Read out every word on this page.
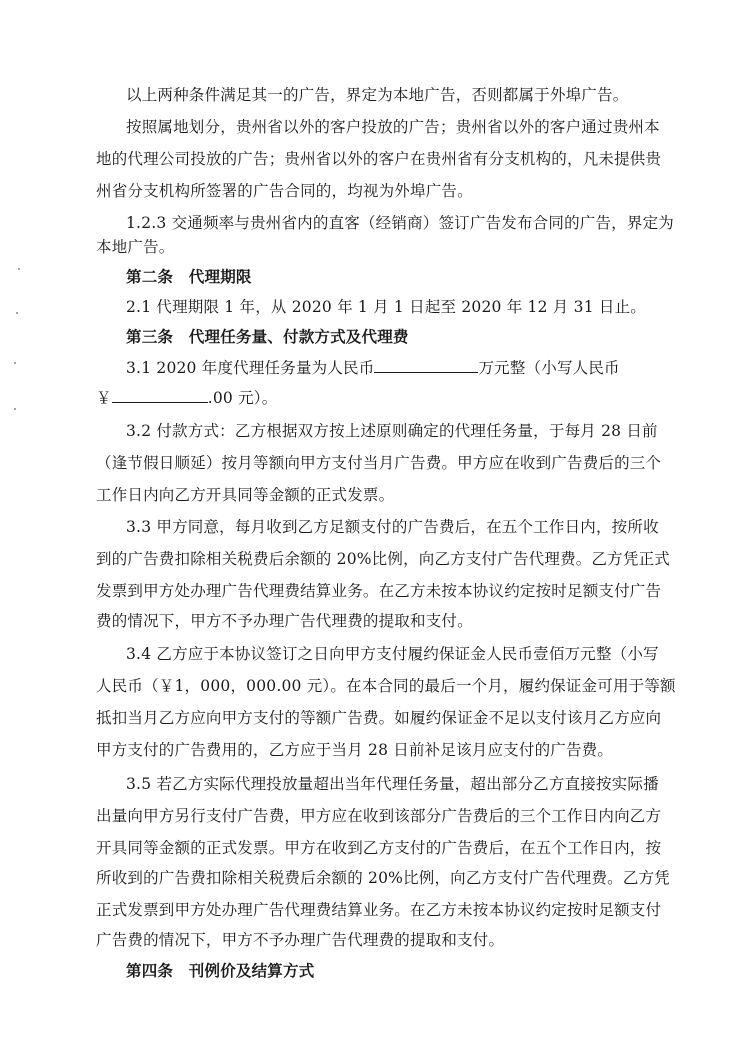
以上两种条件满足其一的广告，界定为本地广告，否则都属于外埠广告。
按照属地划分，贵州省以外的客户投放的广告；贵州省以外的客户通过贵州本
地的代理公司投放的广告；贵州省以外的客户在贵州省有分支机构的，凡未提供贵
州省分支机构所签署的广告合同的，均视为外埠广告。
1.2.3 交通频率与贵州省内的直客（经销商）签订广告发布合同的广告，界定为
本地广告。
第二条　代理期限
2.1 代理期限 1 年，从 2020 年 1 月 1 日起至 2020 年 12 月 31 日止。
第三条　代理任务量、付款方式及代理费
3.1 2020 年度代理任务量为人民币	万元整（小写人民币
￥	.00 元）。
3.2 付款方式：乙方根据双方按上述原则确定的代理任务量，于每月 28 日前
（逢节假日顺延）按月等额向甲方支付当月广告费。甲方应在收到广告费后的三个
工作日内向乙方开具同等金额的正式发票。
3.3 甲方同意，每月收到乙方足额支付的广告费后，在五个工作日内，按所收
到的广告费扣除相关税费后余额的 20%比例，向乙方支付广告代理费。乙方凭正式
发票到甲方处办理广告代理费结算业务。在乙方未按本协议约定按时足额支付广告
费的情况下，甲方不予办理广告代理费的提取和支付。
3.4 乙方应于本协议签订之日向甲方支付履约保证金人民币壹佰万元整（小写
人民币（￥1，000，000.00 元）。在本合同的最后一个月，履约保证金可用于等额
抵扣当月乙方应向甲方支付的等额广告费。如履约保证金不足以支付该月乙方应向
甲方支付的广告费用的，乙方应于当月 28 日前补足该月应支付的广告费。
3.5 若乙方实际代理投放量超出当年代理任务量，超出部分乙方直接按实际播
出量向甲方另行支付广告费，甲方应在收到该部分广告费后的三个工作日内向乙方
开具同等金额的正式发票。甲方在收到乙方支付的广告费后，在五个工作日内，按
所收到的广告费扣除相关税费后余额的 20%比例，向乙方支付广告代理费。乙方凭
正式发票到甲方处办理广告代理费结算业务。在乙方未按本协议约定按时足额支付
广告费的情况下，甲方不予办理广告代理费的提取和支付。
第四条　刊例价及结算方式
